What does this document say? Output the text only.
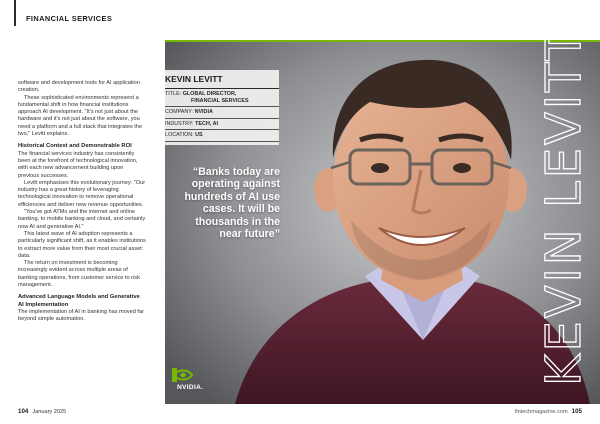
FINANCIAL SERVICES

software and development tools for AI application creation.

These sophisticated environments represent a fundamental shift in how financial institutions approach AI development. "It's not just about the hardware and it's not just about the software, you need a platform and a full stack that integrates the two," Levitt explains.

Historical Context and Demonstrable ROI

The financial services industry has consistently been at the forefront of technological innovation, with each new advancement building upon previous successes.

Levitt emphasises this evolutionary journey: "Our industry has a great history of leveraging technological innovation to remove operational efficiencies and deliver new revenue opportunities.

"You've got ATMs and the internet and online banking, to mobile banking and cloud, and certainly now AI and generative AI."

This latest wave of AI adoption represents a particularly significant shift, as it enables institutions to extract more value from their most crucial asset: data.

The return on investment is becoming increasingly evident across multiple areas of banking operations, from customer service to risk management.

Advanced Language Models and Generative AI Implementation

The implementation of AI in banking has moved far beyond simple automation.

104 January 2025	fintechmagazine.com 105
KEVIN LEVITT
TITLE: GLOBAL DIRECTOR,
FINANCIAL SERVICES
COMPANY: NVIDIA
INDUSTRY: TECH, AI
LOCATION: US
“Banks today are operating against hundreds of AI use cases. It will be thousands in the near future”	KEVIN LEVITT
NVIDIA.
